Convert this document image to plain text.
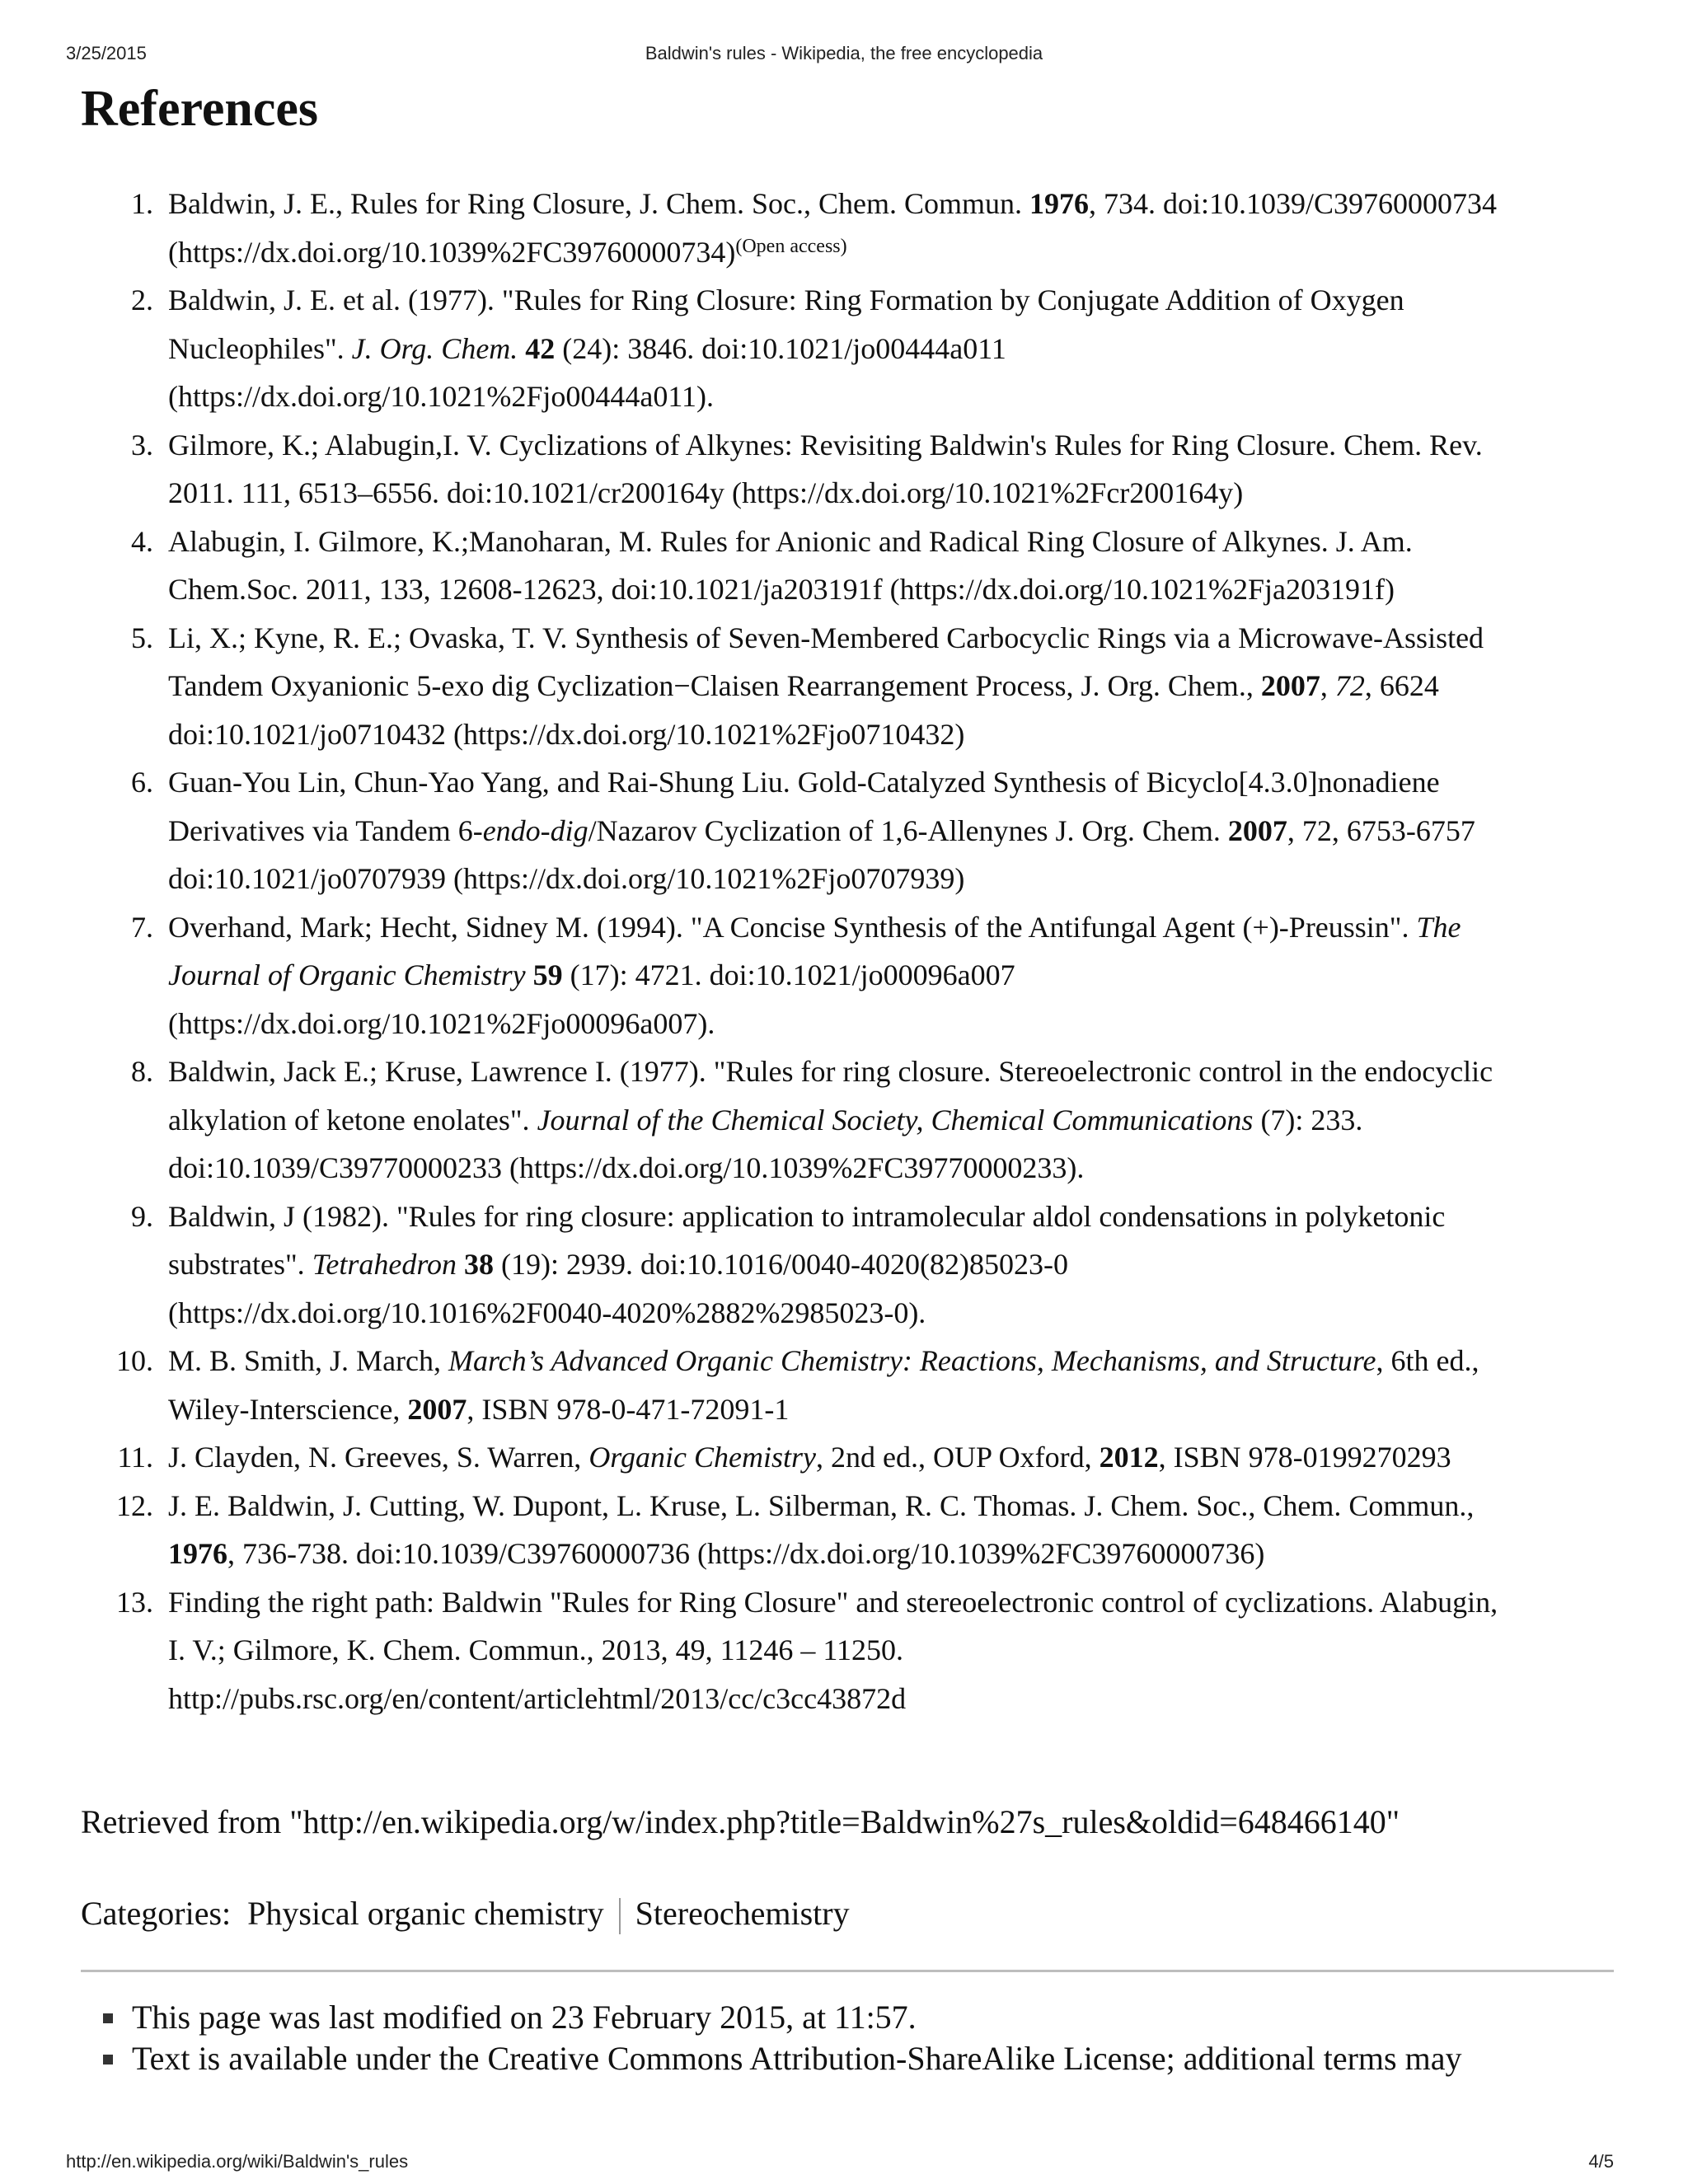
3/25/2015	Baldwin's rules - Wikipedia, the free encyclopedia
References
1. Baldwin, J. E., Rules for Ring Closure, J. Chem. Soc., Chem. Commun. 1976, 734. doi:10.1039/C39760000734
(https://dx.doi.org/10.1039%2FC39760000734)$^{(Open access)}$
2. Baldwin, J. E. et al. (1977). "Rules for Ring Closure: Ring Formation by Conjugate Addition of Oxygen
Nucleophiles". J. Org. Chem. 42 (24): 3846. doi:10.1021/jo00444a011
(https://dx.doi.org/10.1021%2Fjo00444a011).
3. Gilmore, K.; Alabugin,I. V. Cyclizations of Alkynes: Revisiting Baldwin's Rules for Ring Closure. Chem. Rev.
2011. 111, 6513–6556. doi:10.1021/cr200164y (https://dx.doi.org/10.1021%2Fcr200164y)
4. Alabugin, I. Gilmore, K.;Manoharan, M. Rules for Anionic and Radical Ring Closure of Alkynes. J. Am.
Chem.Soc. 2011, 133, 12608-12623, doi:10.1021/ja203191f (https://dx.doi.org/10.1021%2Fja203191f)
5. Li, X.; Kyne, R. E.; Ovaska, T. V. Synthesis of Seven-Membered Carbocyclic Rings via a Microwave-Assisted
Tandem Oxyanionic 5-exo dig Cyclization−Claisen Rearrangement Process, J. Org. Chem., 2007, 72, 6624
doi:10.1021/jo0710432 (https://dx.doi.org/10.1021%2Fjo0710432)
6. Guan-You Lin, Chun-Yao Yang, and Rai-Shung Liu. Gold-Catalyzed Synthesis of Bicyclo[4.3.0]nonadiene
Derivatives via Tandem 6-endo-dig/Nazarov Cyclization of 1,6-Allenynes J. Org. Chem. 2007, 72, 6753-6757
doi:10.1021/jo0707939 (https://dx.doi.org/10.1021%2Fjo0707939)
7. Overhand, Mark; Hecht, Sidney M. (1994). "A Concise Synthesis of the Antifungal Agent (+)-Preussin". The
Journal of Organic Chemistry 59 (17): 4721. doi:10.1021/jo00096a007
(https://dx.doi.org/10.1021%2Fjo00096a007).
8. Baldwin, Jack E.; Kruse, Lawrence I. (1977). "Rules for ring closure. Stereoelectronic control in the endocyclic
alkylation of ketone enolates". Journal of the Chemical Society, Chemical Communications (7): 233.
doi:10.1039/C39770000233 (https://dx.doi.org/10.1039%2FC39770000233).
9. Baldwin, J (1982). "Rules for ring closure: application to intramolecular aldol condensations in polyketonic
substrates". Tetrahedron 38 (19): 2939. doi:10.1016/0040-4020(82)85023-0
(https://dx.doi.org/10.1016%2F0040-4020%2882%2985023-0).
10. M. B. Smith, J. March, March’s Advanced Organic Chemistry: Reactions, Mechanisms, and Structure, 6th ed.,
Wiley-Interscience, 2007, ISBN 978-0-471-72091-1
11. J. Clayden, N. Greeves, S. Warren, Organic Chemistry, 2nd ed., OUP Oxford, 2012, ISBN 978-0199270293
12. J. E. Baldwin, J. Cutting, W. Dupont, L. Kruse, L. Silberman, R. C. Thomas. J. Chem. Soc., Chem. Commun.,
1976, 736-738. doi:10.1039/C39760000736 (https://dx.doi.org/10.1039%2FC39760000736)
13. Finding the right path: Baldwin "Rules for Ring Closure" and stereoelectronic control of cyclizations. Alabugin,
I. V.; Gilmore, K. Chem. Commun., 2013, 49, 11246 – 11250.
http://pubs.rsc.org/en/content/articlehtml/2013/cc/c3cc43872d
Retrieved from "http://en.wikipedia.org/w/index.php?title=Baldwin%27s_rules&oldid=648466140"
Categories: Physical organic chemistry Stereochemistry
This page was last modified on 23 February 2015, at 11:57.
Text is available under the Creative Commons Attribution-ShareAlike License; additional terms may
http://en.wikipedia.org/wiki/Baldwin's_rules	4/5
